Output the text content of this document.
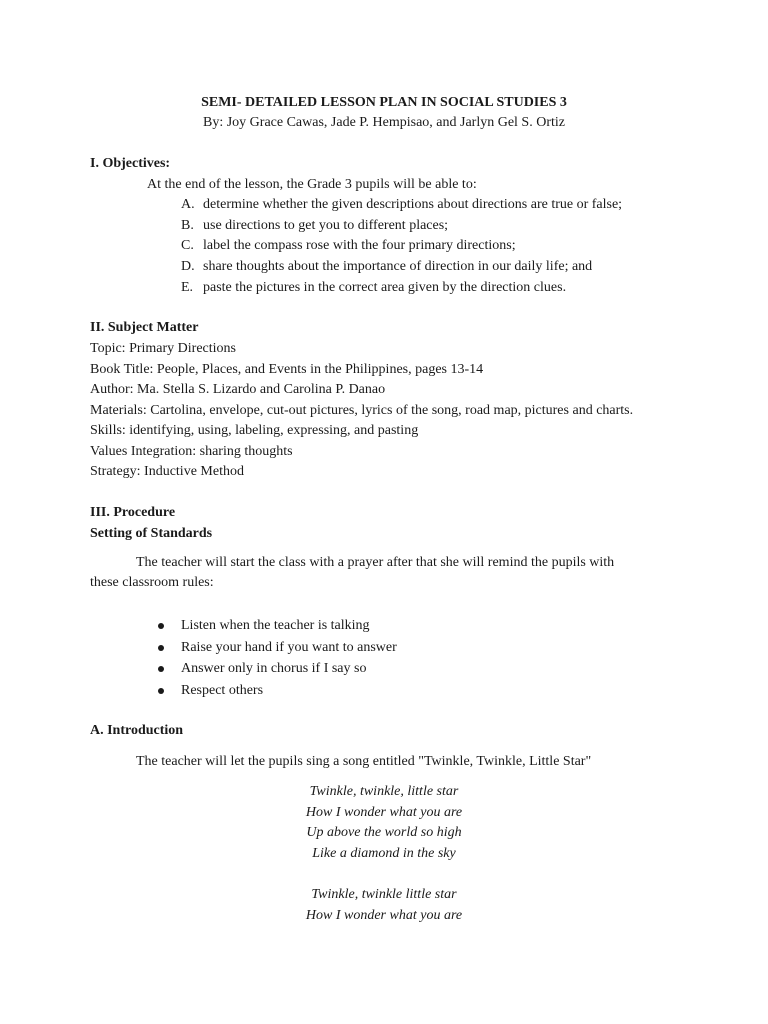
SEMI- DETAILED LESSON PLAN IN SOCIAL STUDIES 3
By: Joy Grace Cawas, Jade P. Hempisao, and Jarlyn Gel S. Ortiz
I. Objectives:
At the end of the lesson, the Grade 3 pupils will be able to:
A. determine whether the given descriptions about directions are true or false;
B. use directions to get you to different places;
C. label the compass rose with the four primary directions;
D. share thoughts about the importance of direction in our daily life; and
E. paste the pictures in the correct area given by the direction clues.
II. Subject Matter
Topic: Primary Directions
Book Title: People, Places, and Events in the Philippines, pages 13-14
Author: Ma. Stella S. Lizardo and Carolina P. Danao
Materials: Cartolina, envelope, cut-out pictures, lyrics of the song, road map, pictures and charts.
Skills: identifying, using, labeling, expressing, and pasting
Values Integration: sharing thoughts
Strategy: Inductive Method
III. Procedure
Setting of Standards
The teacher will start the class with a prayer after that she will remind the pupils with
these classroom rules:
Listen when the teacher is talking
Raise your hand if you want to answer
Answer only in chorus if I say so
Respect others
A. Introduction
The teacher will let the pupils sing a song entitled "Twinkle, Twinkle, Little Star"
Twinkle, twinkle, little star
How I wonder what you are
Up above the world so high
Like a diamond in the sky
Twinkle, twinkle little star
How I wonder what you are
